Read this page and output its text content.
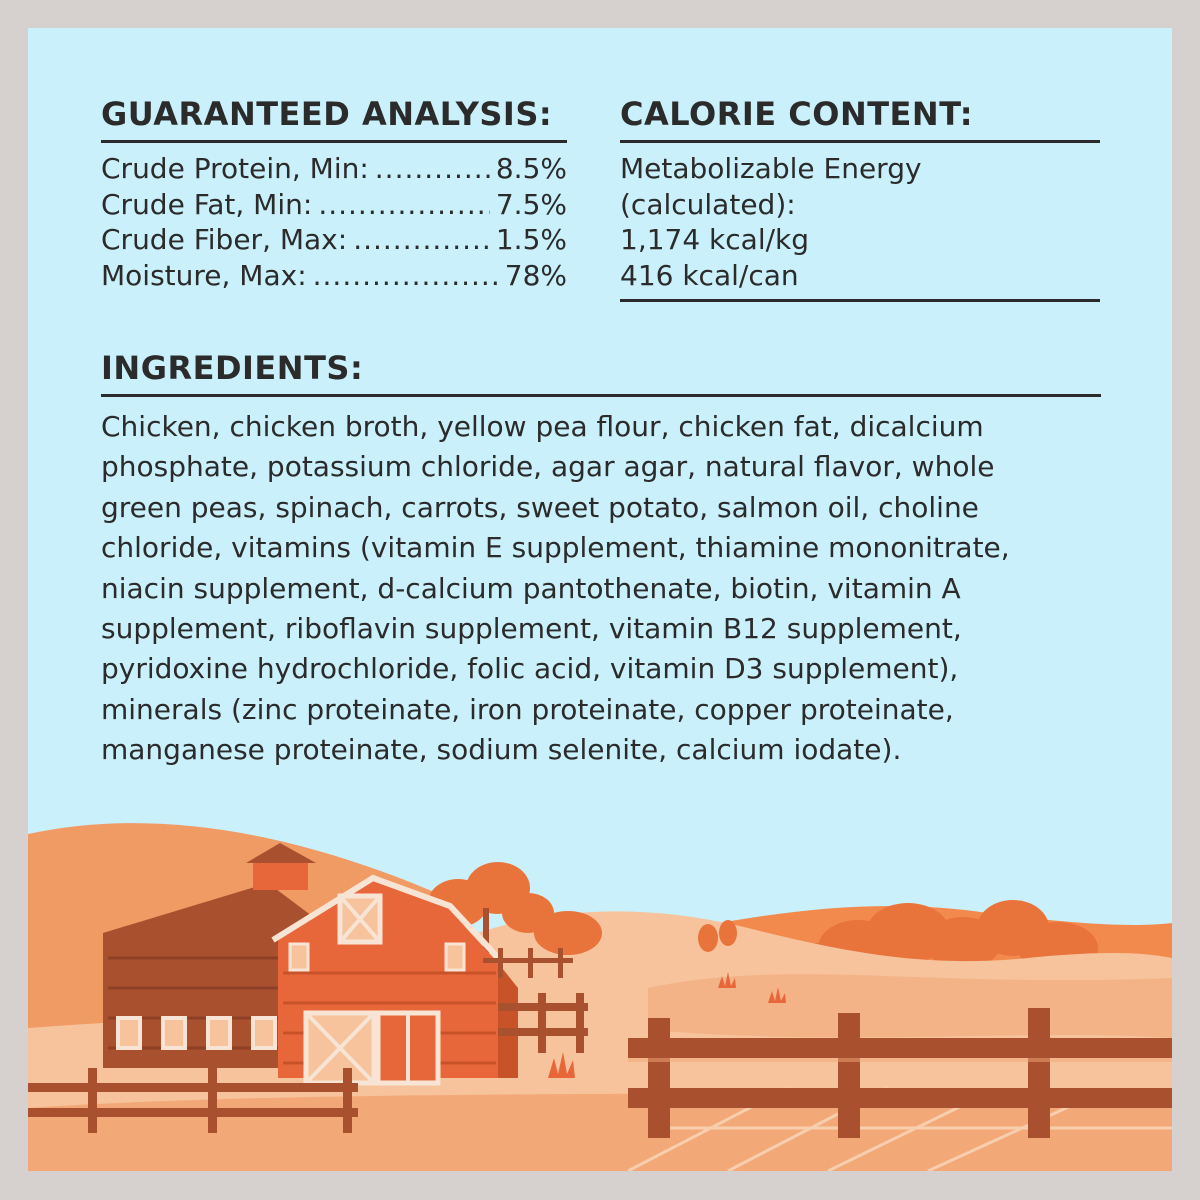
GUARANTEED ANALYSIS:
Crude Protein, Min: .....	8.5%
Crude Fat, Min: .....	7.5%
Crude Fiber, Max: .....	1.5%
Moisture, Max: .....	78%
CALORIE CONTENT:
Metabolizable Energy
(calculated):
1,174 kcal/kg
416 kcal/can
INGREDIENTS:
Chicken, chicken broth, yellow pea flour, chicken fat, dicalcium
phosphate, potassium chloride, agar agar, natural flavor, whole
green peas, spinach, carrots, sweet potato, salmon oil, choline
chloride, vitamins (vitamin E supplement, thiamine mononitrate,
niacin supplement, d-calcium pantothenate, biotin, vitamin A
supplement, riboflavin supplement, vitamin B12 supplement,
pyridoxine hydrochloride, folic acid, vitamin D3 supplement),
minerals (zinc proteinate, iron proteinate, copper proteinate,
manganese proteinate, sodium selenite, calcium iodate).
